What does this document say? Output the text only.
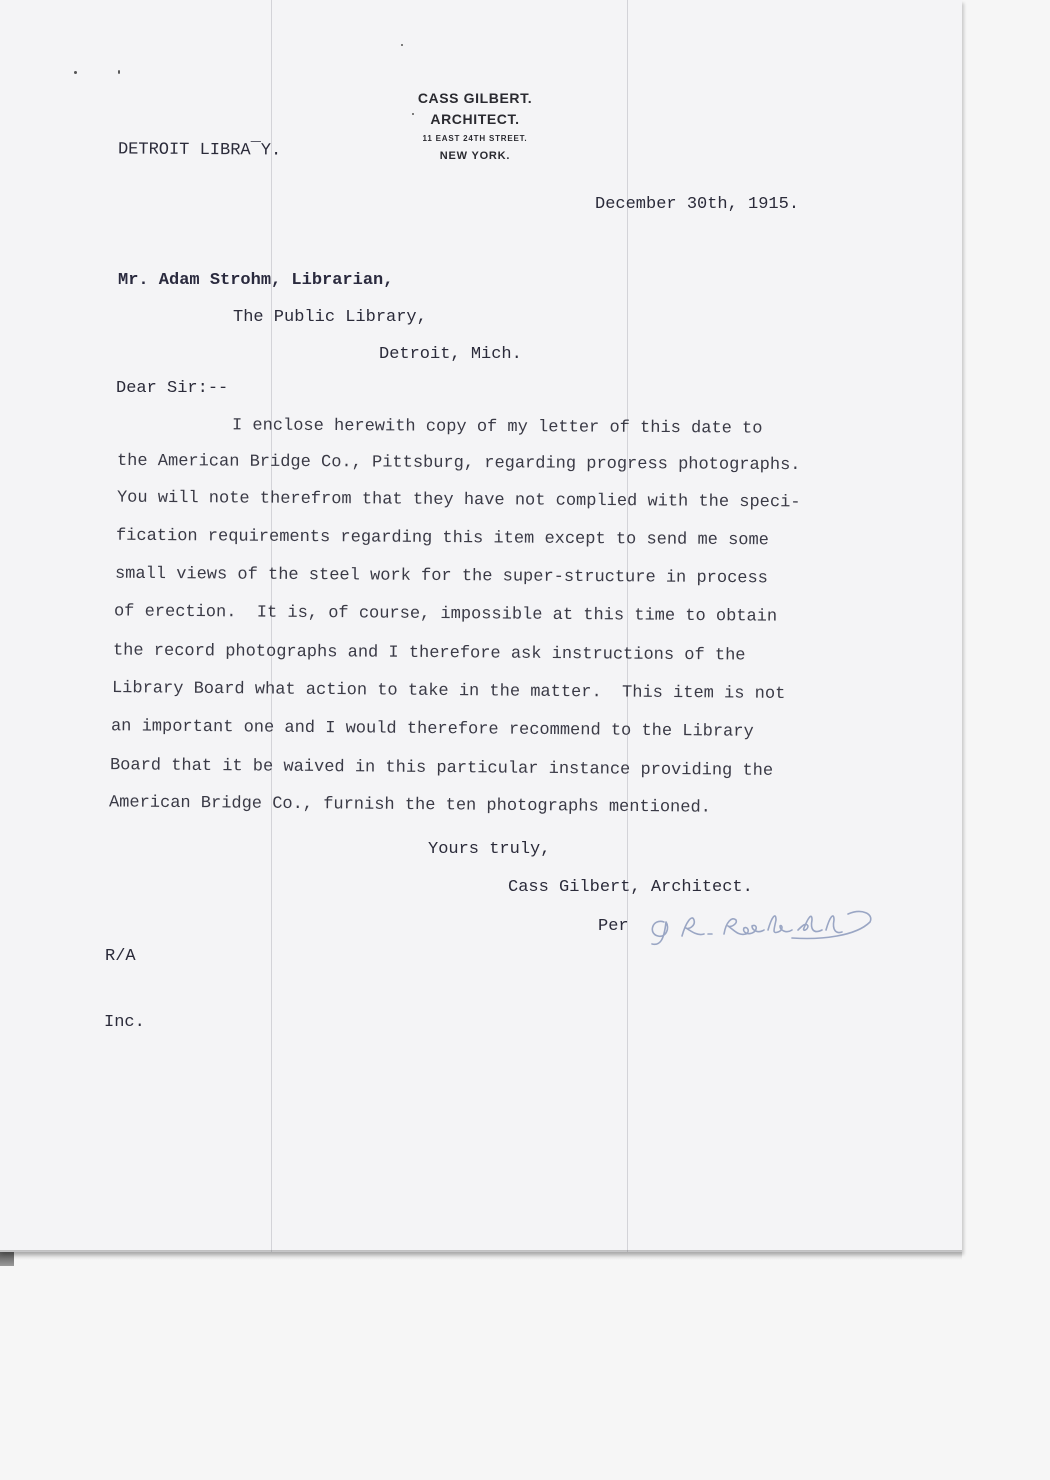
CASS GILBERT.
ARCHITECT.
11 EAST 24TH STREET.
NEW YORK.
DETROIT LIBRA¯Y.
December 30th, 1915.
Mr. Adam Strohm, Librarian,
The Public Library,
Detroit, Mich.
Dear Sir:--
I enclose herewith copy of my letter of this date to
the American Bridge Co., Pittsburg, regarding progress photographs.
You will note therefrom that they have not complied with the speci-
fication requirements regarding this item except to send me some
small views of the steel work for the super-structure in process
of erection.  It is, of course, impossible at this time to obtain
the record photographs and I therefore ask instructions of the
Library Board what action to take in the matter.  This item is not
an important one and I would therefore recommend to the Library
Board that it be waived in this particular instance providing the
American Bridge Co., furnish the ten photographs mentioned.
Yours truly,
Cass Gilbert, Architect.
Per
R/A
Inc.
